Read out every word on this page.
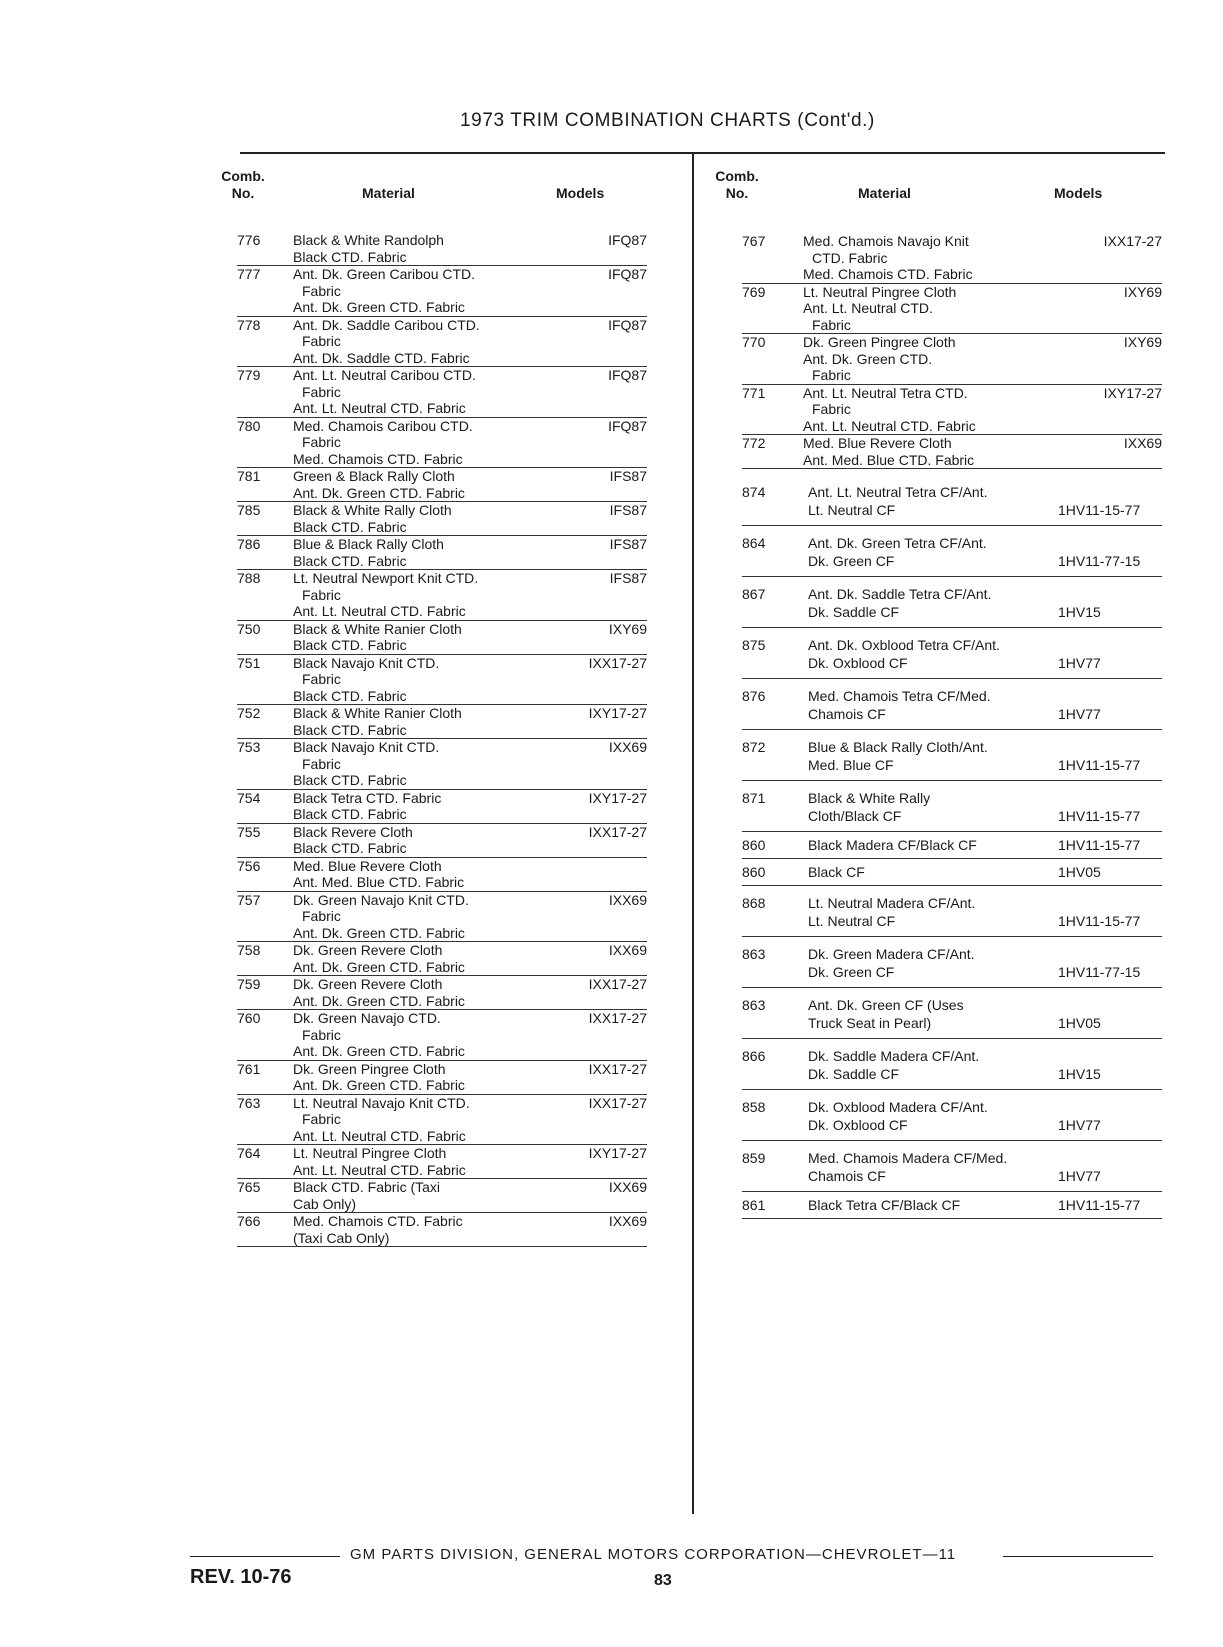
1973 TRIM COMBINATION CHARTS (Cont'd.)
Comb.
No.	Material	Models
Comb.
No.	Material	Models
776	Black & White Randolph
Black CTD. Fabric
IFQ87
777	Ant. Dk. Green Caribou CTD.
Fabric
Ant. Dk. Green CTD. Fabric
IFQ87
778	Ant. Dk. Saddle Caribou CTD.
Fabric
Ant. Dk. Saddle CTD. Fabric
IFQ87
779	Ant. Lt. Neutral Caribou CTD.
Fabric
Ant. Lt. Neutral CTD. Fabric
IFQ87
780	Med. Chamois Caribou CTD.
Fabric
Med. Chamois CTD. Fabric
IFQ87
781	Green & Black Rally Cloth
Ant. Dk. Green CTD. Fabric
IFS87
785	Black & White Rally Cloth
Black CTD. Fabric
IFS87
786	Blue & Black Rally Cloth
Black CTD. Fabric
IFS87
788	Lt. Neutral Newport Knit CTD.
Fabric
Ant. Lt. Neutral CTD. Fabric
IFS87
750	Black & White Ranier Cloth
Black CTD. Fabric
IXY69
751	Black Navajo Knit CTD.
Fabric
Black CTD. Fabric
IXX17-27
752	Black & White Ranier Cloth
Black CTD. Fabric
IXY17-27
753	Black Navajo Knit CTD.
Fabric
Black CTD. Fabric
IXX69
754	Black Tetra CTD. Fabric
Black CTD. Fabric
IXY17-27
755	Black Revere Cloth
Black CTD. Fabric
IXX17-27
756	Med. Blue Revere Cloth
Ant. Med. Blue CTD. Fabric
757	Dk. Green Navajo Knit CTD.
Fabric
Ant. Dk. Green CTD. Fabric
IXX69
758	Dk. Green Revere Cloth
Ant. Dk. Green CTD. Fabric
IXX69
759	Dk. Green Revere Cloth
Ant. Dk. Green CTD. Fabric
IXX17-27
760	Dk. Green Navajo CTD.
Fabric
Ant. Dk. Green CTD. Fabric
IXX17-27
761	Dk. Green Pingree Cloth
Ant. Dk. Green CTD. Fabric
IXX17-27
763	Lt. Neutral Navajo Knit CTD.
Fabric
Ant. Lt. Neutral CTD. Fabric
IXX17-27
764	Lt. Neutral Pingree Cloth
Ant. Lt. Neutral CTD. Fabric
IXY17-27
765	Black CTD. Fabric (Taxi
Cab Only)
IXX69
766	Med. Chamois CTD. Fabric
(Taxi Cab Only)
IXX69
767	Med. Chamois Navajo Knit
CTD. Fabric
Med. Chamois CTD. Fabric
IXX17-27
769	Lt. Neutral Pingree Cloth
Ant. Lt. Neutral CTD.
Fabric
IXY69
770	Dk. Green Pingree Cloth
Ant. Dk. Green CTD.
Fabric
IXY69
771	Ant. Lt. Neutral Tetra CTD.
Fabric
Ant. Lt. Neutral CTD. Fabric
IXY17-27
772	Med. Blue Revere Cloth
Ant. Med. Blue CTD. Fabric
IXX69
874	Ant. Lt. Neutral Tetra CF/Ant.
Lt. Neutral CF	1HV11-15-77
864	Ant. Dk. Green Tetra CF/Ant.
Dk. Green CF	1HV11-77-15
867	Ant. Dk. Saddle Tetra CF/Ant.
Dk. Saddle CF	1HV15
875	Ant. Dk. Oxblood Tetra CF/Ant.
Dk. Oxblood CF	1HV77
876	Med. Chamois Tetra CF/Med.
Chamois CF	1HV77
872	Blue & Black Rally Cloth/Ant.
Med. Blue CF	1HV11-15-77
871	Black & White Rally
Cloth/Black CF	1HV11-15-77
860	Black Madera CF/Black CF	1HV11-15-77
860	Black CF	1HV05
868	Lt. Neutral Madera CF/Ant.
Lt. Neutral CF	1HV11-15-77
863	Dk. Green Madera CF/Ant.
Dk. Green CF	1HV11-77-15
863	Ant. Dk. Green CF (Uses
Truck Seat in Pearl)	1HV05
866	Dk. Saddle Madera CF/Ant.
Dk. Saddle CF	1HV15
858	Dk. Oxblood Madera CF/Ant.
Dk. Oxblood CF	1HV77
859	Med. Chamois Madera CF/Med.
Chamois CF	1HV77
861	Black Tetra CF/Black CF	1HV11-15-77
GM PARTS DIVISION, GENERAL MOTORS CORPORATION—CHEVROLET—11
REV. 10-76	83
